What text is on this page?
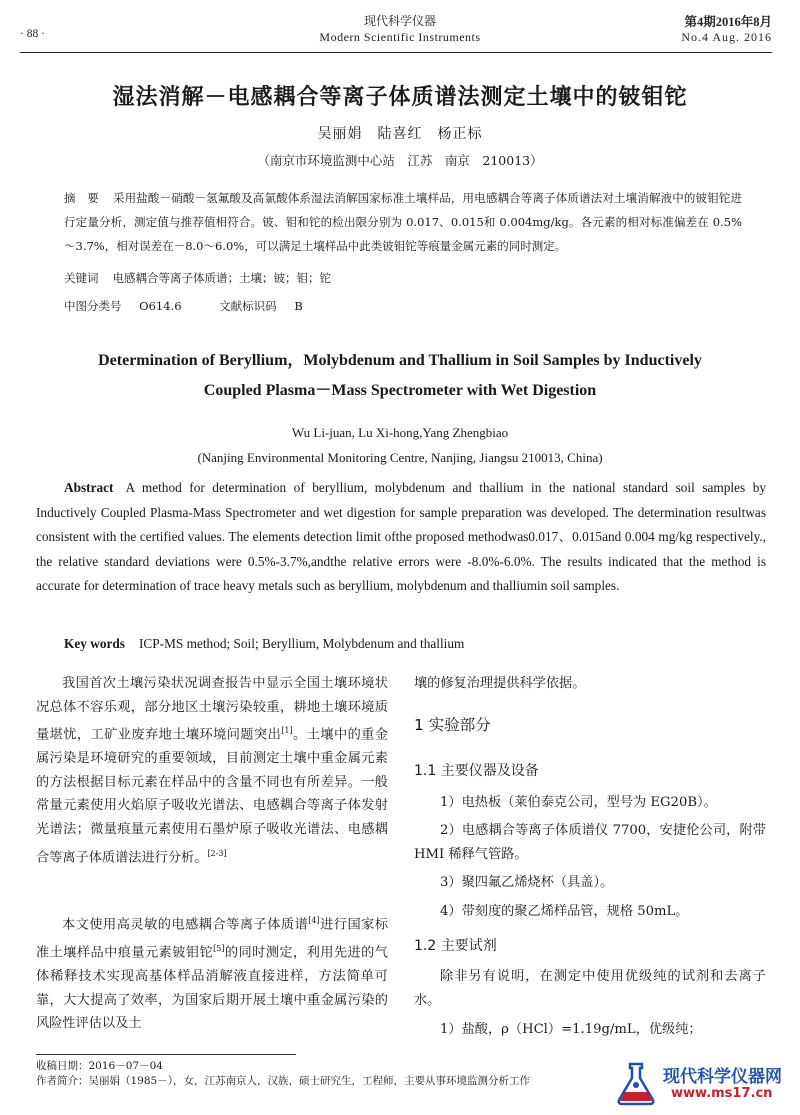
· 88 ·
现代科学仪器
Modern Scientific Instruments
第4期2016年8月
No.4 Aug. 2016
湿法消解－电感耦合等离子体质谱法测定土壤中的铍钼铊
吴丽娟　陆喜红　杨正标
（南京市环境监测中心站　江苏　南京　210013）
摘　要 采用盐酸－硝酸－氢氟酸及高氯酸体系湿法消解国家标准土壤样品，用电感耦合等离子体质谱法对土壤消解液中的铍钼铊进行定量分析，测定值与推荐值相符合。铍、钼和铊的检出限分别为 0.017、0.015和 0.004mg/kg。各元素的相对标准偏差在 0.5%～3.7%，相对误差在－8.0～6.0%，可以满足土壤样品中此类铍钼铊等痕量金属元素的同时测定。
关键词 电感耦合等离子体质谱；土壤；铍；钼；铊
中图分类号 O614.6	文献标识码 B
Determination of Beryllium，Molybdenum and Thallium in Soil Samples by Inductively
Coupled Plasma－Mass Spectrometer with Wet Digestion
Wu Li-juan, Lu Xi-hong,Yang Zhengbiao
(Nanjing Environmental Monitoring Centre, Nanjing, Jiangsu 210013, China)
Abstract A method for determination of beryllium, molybdenum and thallium in the national standard soil samples by Inductively Coupled Plasma-Mass Spectrometer and wet digestion for sample preparation was developed. The determination resultwas consistent with the certified values. The elements detection limit ofthe proposed methodwas0.017、0.015and 0.004 mg/kg respectively., the relative standard deviations were 0.5%-3.7%,andthe relative errors were -8.0%-6.0%. The results indicated that the method is accurate for determination of trace heavy metals such as beryllium, molybdenum and thalliumin soil samples.
Key words ICP-MS method; Soil; Beryllium, Molybdenum and thallium
我国首次土壤污染状况调查报告中显示全国土壤环境状况总体不容乐观，部分地区土壤污染较重，耕地土壤环境质量堪忧，工矿业废弃地土壤环境问题突出[1]。土壤中的重金属污染是环境研究的重要领域，目前测定土壤中重金属元素的方法根据目标元素在样品中的含量不同也有所差异。一般常量元素使用火焰原子吸收光谱法、电感耦合等离子体发射光谱法；微量痕量元素使用石墨炉原子吸收光谱法、电感耦合等离子体质谱法进行分析。[2-3]
本文使用高灵敏的电感耦合等离子体质谱[4]进行国家标准土壤样品中痕量元素铍钼铊[5]的同时测定，利用先进的气体稀释技术实现高基体样品消解液直接进样，方法简单可靠，大大提高了效率，为国家后期开展土壤中重金属污染的风险性评估以及土
壤的修复治理提供科学依据。
1 实验部分
1.1 主要仪器及设备
1）电热板（莱伯泰克公司，型号为 EG20B）。
2）电感耦合等离子体质谱仪 7700，安捷伦公司，附带 HMI 稀释气管路。
3）聚四氟乙烯烧杯（具盖）。
4）带刻度的聚乙烯样品管，规格 50mL。
1.2 主要试剂
除非另有说明，在测定中使用优级纯的试剂和去离子水。
1）盐酸，ρ（HCl）=1.19g/mL，优级纯；
收稿日期：2016－07－04
作者简介：吴丽娟（1985－），女，江苏南京人，汉族，硕士研究生，工程师，主要从事环境监测分析工作	现代科学仪器网
www.ms17.cn
